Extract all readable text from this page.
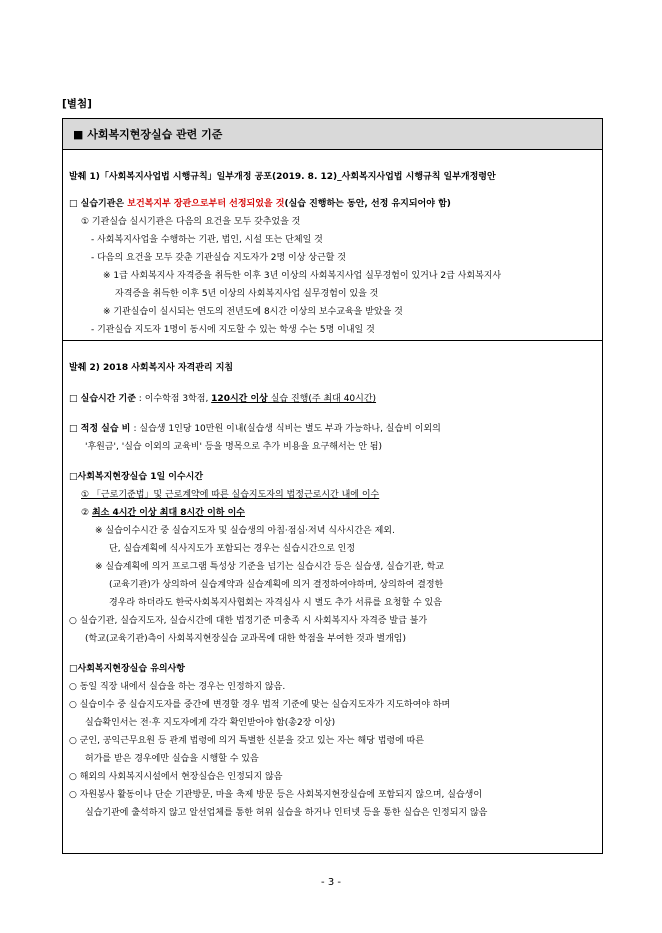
[별첨]
■ 사회복지현장실습 관련 기준
발췌 1)「사회복지사업법 시행규칙」일부개정 공포(2019. 8. 12)_사회복지사업법 시행규칙 일부개정령안
□ 실습기관은 보건복지부 장관으로부터 선정되었을 것(실습 진행하는 동안, 선정 유지되어야 함)
① 기관실습 실시기관은 다음의 요건을 모두 갖추었을 것
- 사회복지사업을 수행하는 기관, 법인, 시설 또는 단체일 것
- 다음의 요건을 모두 갖춘 기관실습 지도자가 2명 이상 상근할 것
※ 1급 사회복지사 자격증을 취득한 이후 3년 이상의 사회복지사업 실무경험이 있거나 2급 사회복지사
자격증을 취득한 이후 5년 이상의 사회복지사업 실무경험이 있을 것
※ 기관실습이 실시되는 연도의 전년도에 8시간 이상의 보수교육을 받았을 것
- 기관실습 지도자 1명이 동시에 지도할 수 있는 학생 수는 5명 이내일 것
발췌 2) 2018 사회복지사 자격관리 지침
□ 실습시간 기준 : 이수학점 3학점, 120시간 이상 실습 진행(주 최대 40시간)
□ 적정 실습 비 : 실습생 1인당 10만원 이내(실습생 식비는 별도 부과 가능하나, 실습비 이외의
'후원금', '실습 이외의 교육비' 등을 명목으로 추가 비용을 요구해서는 안 됨)
□사회복지현장실습 1일 이수시간
① 「근로기준법」및 근로계약에 따른 실습지도자의 법정근로시간 내에 이수
② 최소 4시간 이상 최대 8시간 이하 이수
※ 실습이수시간 중 실습지도자 및 실습생의 아침·점심·저녁 식사시간은 제외.
단, 실습계획에 식사지도가 포함되는 경우는 실습시간으로 인정
※ 실습계획에 의거 프로그램 특성상 기준을 넘기는 실습시간 등은 실습생, 실습기관, 학교
(교육기관)가 상의하여 실습계약과 실습계획에 의거 결정하여야하며, 상의하여 결정한
경우라 하더라도 한국사회복지사협회는 자격심사 시 별도 추가 서류를 요청할 수 있음
○ 실습기관, 실습지도자, 실습시간에 대한 법정기준 미충족 시 사회복지사 자격증 발급 불가
(학교(교육기관)측이 사회복지현장실습 교과목에 대한 학점을 부여한 것과 별개임)
□사회복지현장실습 유의사항
○ 동일 직장 내에서 실습을 하는 경우는 인정하지 않음.
○ 실습이수 중 실습지도자를 중간에 변경할 경우 법적 기준에 맞는 실습지도자가 지도하여야 하며
실습확인서는 전·후 지도자에게 각각 확인받아야 함(총2장 이상)
○ 군인, 공익근무요원 등 관계 법령에 의거 특별한 신분을 갖고 있는 자는 해당 법령에 따른
허가를 받은 경우에만 실습을 시행할 수 있음
○ 해외의 사회복지시설에서 현장실습은 인정되지 않음
○ 자원봉사 활동이나 단순 기관방문, 마을 축제 방문 등은 사회복지현장실습에 포함되지 않으며, 실습생이
실습기관에 출석하지 않고 알선업체를 통한 허위 실습을 하거나 인터넷 등을 통한 실습은 인정되지 않음
- 3 -
